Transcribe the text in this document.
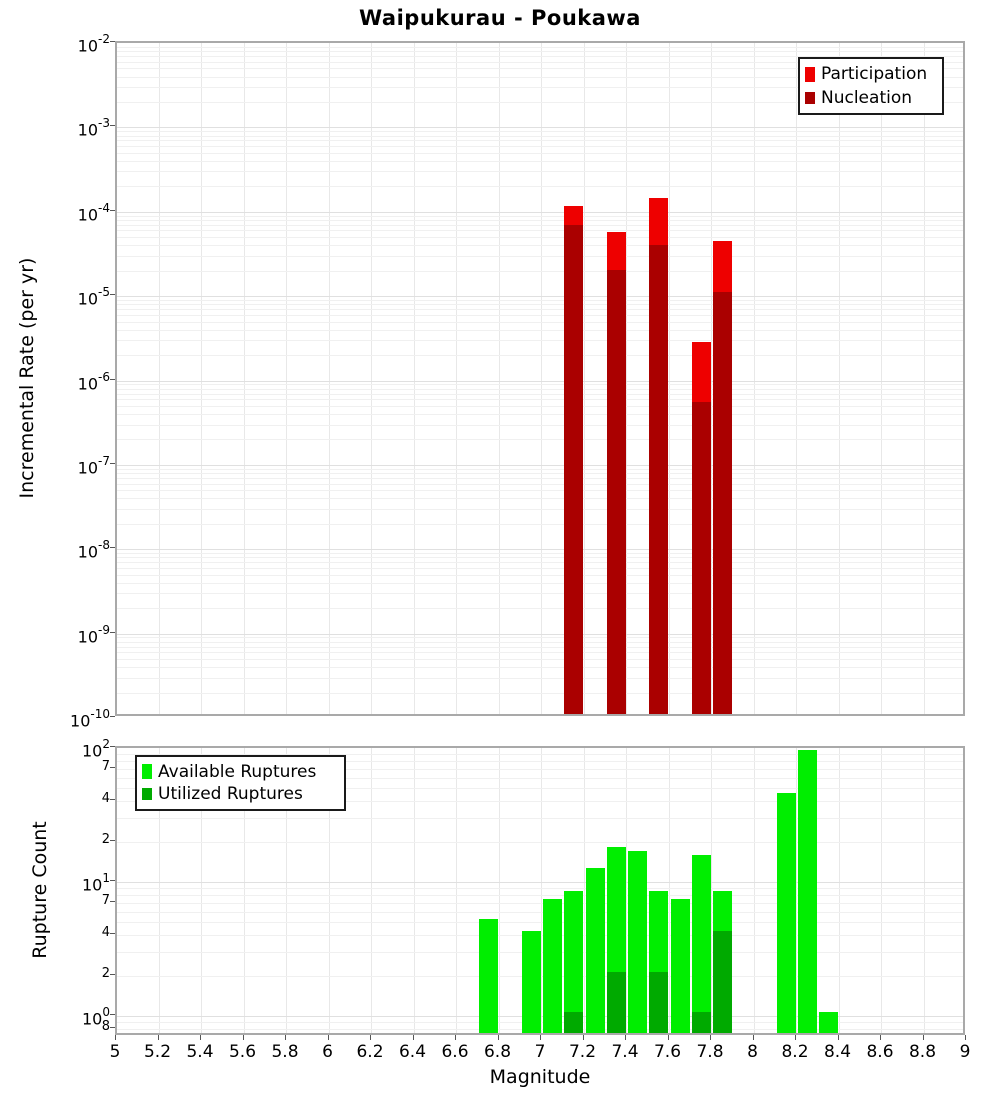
Waipukurau - Poukawa
Incremental Rate (per yr)
Rupture Count
Participation
Nucleation
Available Ruptures
Utilized Ruptures
$10^{-2}$
$10^{-3}$
$10^{-4}$
$10^{-5}$
$10^{-6}$
$10^{-7}$
$10^{-8}$
$10^{-9}$
$10^{-10}$
$10^2$
7
4
2
$10^1$
7
4
2
$10^0$
8
5	5.2 5.4 5.6 5.8	6	6.2 6.4 6.6 6.8	7	7.2 7.4 7.6 7.8	8	8.2 8.4 8.6 8.8	9
Magnitude
